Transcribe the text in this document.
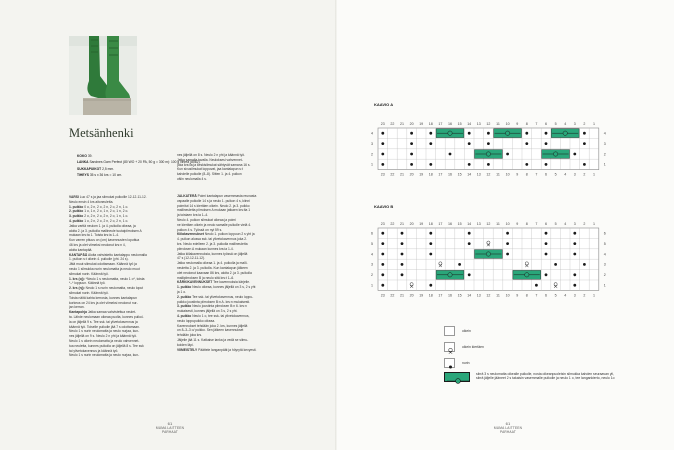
Metsänhenki

KOKO 39.

LANKA Sandnes Garn Perfect (80 WO + 20 PA, 50 g = 300 m): 100 g vihreä (8062).

SUKKAPUIKOT 2,5 mm.

TIHEYS 35 s x 36 krs = 10 cm.

nes jäljellä on 8 s. Neulo 2 n yht ja käännä työ.

Jatka samalla tavalla. Neuloksesi vahvennet-

joka krs:lla ja keskisilmukat sähtyvät samana 16 s.

Kun sivusilmukat loppuvat, jaa kantalapun s:t

kahdelle puikolle (8–8). Sitten 1. ja 4. puikon

välin neulomalla 4 s.

VARSI Luo 47 s ja jaa silmukat puikoille 12-12-11-12.

Neulo ensin 4 krs aitoneuletta.

1. puikko 0 o, 2 n, 2 o, 2 n, 2 o, 2 n, 1 o.

2. puikko 1 o, 1 n, 2 o, 1 n, 2 o, 1 n, 2 o.

3. puikko 2 o, 2 n, 2 o, 2 n, 2 o, 1 n, 1 o.

4. puikko 1 o, 2 n, 2 o, 2 n, 2 o, 2 n, 1 o.

Jatka varttä neulom 1. ja 4. puikolla oikeaa, ja

aloita 2. ja 3. puikolla mallineule tuutaipiirroksen A

mukaan krs:ta 1. Toista krs:ia 1–4.

Kun varren pituus on (cm) kavennusten loputtua

46 krs ja olet viimeksi neulonut krs:n 4,

aloita kantapää.

KANTAPÄÄ Aloita vahvistettu kantalappu neulomalla

1. puikon s:t oikein 4. puikolle (yht. 24 s).

Jätä muut silmukat odottamaan. Käännä työ ja

neulo 1 silmukka nurin neulomatta ja neulo muut

silmukat nurin. Käännä työ.

1. krs (oj): *Neulo 1 s neulomatta, neulo 1 o*, toista

*–* loppuun. Käännä työ.

2. krs (nj): Neulo 1 s nurin neulomatta, neulo loput

silmukat nurin. Käännä työ.

Toista näitä kahta kerrosta, kunnes kantalapun

korkeus on 24 krs ja olet viimeksi neulonut nur-

jan kerran.

Kantapohja Jatka samaa vahvistettua neulet-

ta. Lähde neulomaan oikeaa puolta, kunnes puikol-

la on jäljellä 9 s. Tee ssk. tai ylivetokavennus ja

käännä työ. Toiselle puikolle jää 7 s odottamaan.

Neulo 1 s nurin neulomatta ja neulo nurjaa, kun-

nes jäljellä on 9 s. Neulo 2 n yht ja käännä työ.

Neulo 1 s oikein neulomatta ja neulo vahvennet-

tua neuletta, kunnes puikolla on jäljellä 8 s. Tee ssk

tai ylivetokavennus ja käännä työ.

Neulo 1 s nurin neulomatta ja neulo nurjaa, kun-

JALKATERÄ Poimi kantalapun vasemmasta reunasta

vapaalle puikolle 14 s ja neulo 1. puikon 4 s, kiinni

poimitut 14 s kiertäen oikein. Neulo 2. ja 3. puikko

mallineuletta piirroksen A mukaan jatkaen krs:lta 1

ja toistaen krs:ia 1–4.

Neulo 4. puikon silmukat oikeaa ja poimi

ne kiertäen oikein ja neulo samalle puikolle vielä 4.

puikon 4 s. Työssä on nyt 59 s.

Kiilakavennukset Neulo 1. puikon loppuun 2 s yht ja

4. puikon alussa ssk. tai ylivetokavennus joka 2.

krs. Neulo edelleen 2. ja 3. puikolla mallineuletta

piirroksen A mukaan kunnes krs:ia 1-4.

Jatka kiilakavennuksia, kunnes työssä on jäljellä

47 s (12-12-11-12).

Jatka neulomalla oikeaa 1. ja 4. puikolla ja malli-

neuletta 2. ja 3. puikolla. Kun kantalapun jälkeen

olet neulonut kaavaan 86 krs, aloita 2. ja 3. puikolla

mallipiirroksen B ja neulo sitä krs:t 1–6.

KÄRKIKAVENNUKSET Tee kavennuksia kärjelle.

1. puikko Neulo oikeaa, kunnes jäljellä on 3 s, 2 s yht

ja 1 o.

2. puikko Tee ssk- tai ylivetokavennus, neulo loppu-

puikko joustinta piirroksen B:n A. krs:n mukaisesti.

3. puikko Neulo joustinta piirroksen B:n 6. krs:n

mukaisesti, kunnes jäljellä on 3 s, 2 s yht.

4. puikko Neulo 1 o, tee ssk- tai ylivetokavennus,

neulo loppupuikko oikeaa.

Kavennukset tehdään joka 2. krs, kunnes jäljellä

on 8–3–3 o/ puikko. Sen jälkeen kavennukset

tehdään joka krs.

Jäljelle jää 11 s. Katkaise lanka ja vedä se silmu-

koiden läpi.

VIIMEISTELY Päättele langanpäät ja höyrytä kevyesti.

61
MUMA LAITTEEN PARHAAT
61
MUMA LAITTEEN PARHAAT
KAAVIO A
23
23
22
22
21
21
20
20
19
19
18
18
17
17
16
16
15
15
14
14
13
13
12
12
11
11
10
10
9
9
8
8
7
7
6
6
5
5
4
4
3
3
2
2
1
1
4	4
3	3
2	2
1	1
KAAVIO B
23
23
22
22
21
21
20
20
19
19
18
18
17
17
16
16
15
15
14
14
13
13
12
12
11
11
10
10
9
9
8
8
7
7
6
6
5
5
4
4
3
3
2
2
1
1
6	6
5	5
4	4
3	3
2	2
1	1
oikein
oikein kiertäen
nurin
siirrä 3 s neulomatta oikealle puikolle, nosta oikeanpuoleisin silmukka kahden seuraavan yli, siirrä jäljelle jääneet 2 s takaisin vasemmalle puikolle ja neulo 1 o, tee langankierto, neulo 1o
